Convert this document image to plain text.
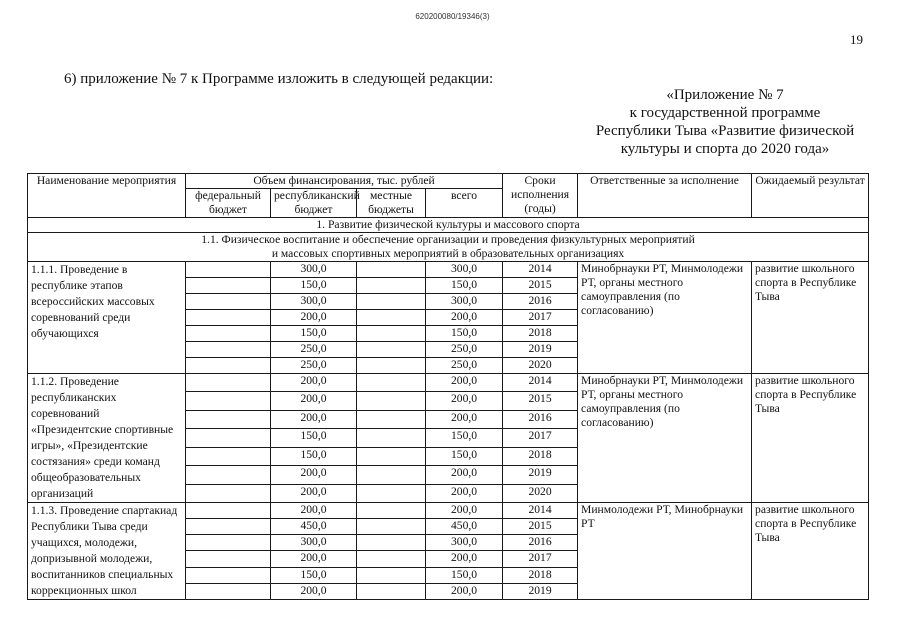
620200080/19346(3)
19
6) приложение № 7 к Программе изложить в следующей редакции:
«Приложение № 7
к государственной программе
Республики Тыва «Развитие физической
культуры и спорта до 2020 года»
Наименование мероприятия	Объем финансирования, тыс. рублей				Сроки исполнения (годы)	Ответственные за исполнение	Ожидаемый результат
	федеральный бюджет	республиканский бюджет	местные бюджеты	всего			
1. Развитие физической культуры и массового спорта							

1.1. Физическое воспитание и обеспечение организации и проведения физкультурных мероприятий
и массовых спортивных мероприятий в образовательных организациях							

1.1.1. Проведение в республике этапов всероссийских массовых соревнований среди обучающихся		300,0		300,0	2014	Минобрнауки РТ, Минмолодежи РТ, органы местного самоуправления (по согласованию)	развитие школьного спорта в Республике Тыва
		150,0		150,0	2015		
		300,0		300,0	2016		
		200,0		200,0	2017		
		150,0		150,0	2018		
		250,0		250,0	2019		
		250,0		250,0	2020		
1.1.2. Проведение республиканских соревнований «Президентские спортивные игры», «Президентские состязания» среди команд общеобразовательных организаций		200,0		200,0	2014	Минобрнауки РТ, Минмолодежи РТ, органы местного самоуправления (по согласованию)	развитие школьного спорта в Республике Тыва
		200,0		200,0	2015		
		200,0		200,0	2016		
		150,0		150,0	2017		
		150,0		150,0	2018		
		200,0		200,0	2019		
		200,0		200,0	2020		
1.1.3. Проведение спартакиад Республики Тыва среди учащихся, молодежи, допризывной молодежи, воспитанников специальных коррекционных школ		200,0		200,0	2014	Минмолодежи РТ, Минобрнауки РТ	развитие школьного спорта в Республике Тыва
		450,0		450,0	2015		
		300,0		300,0	2016		
		200,0		200,0	2017		
		150,0		150,0	2018		
		200,0		200,0	2019		
